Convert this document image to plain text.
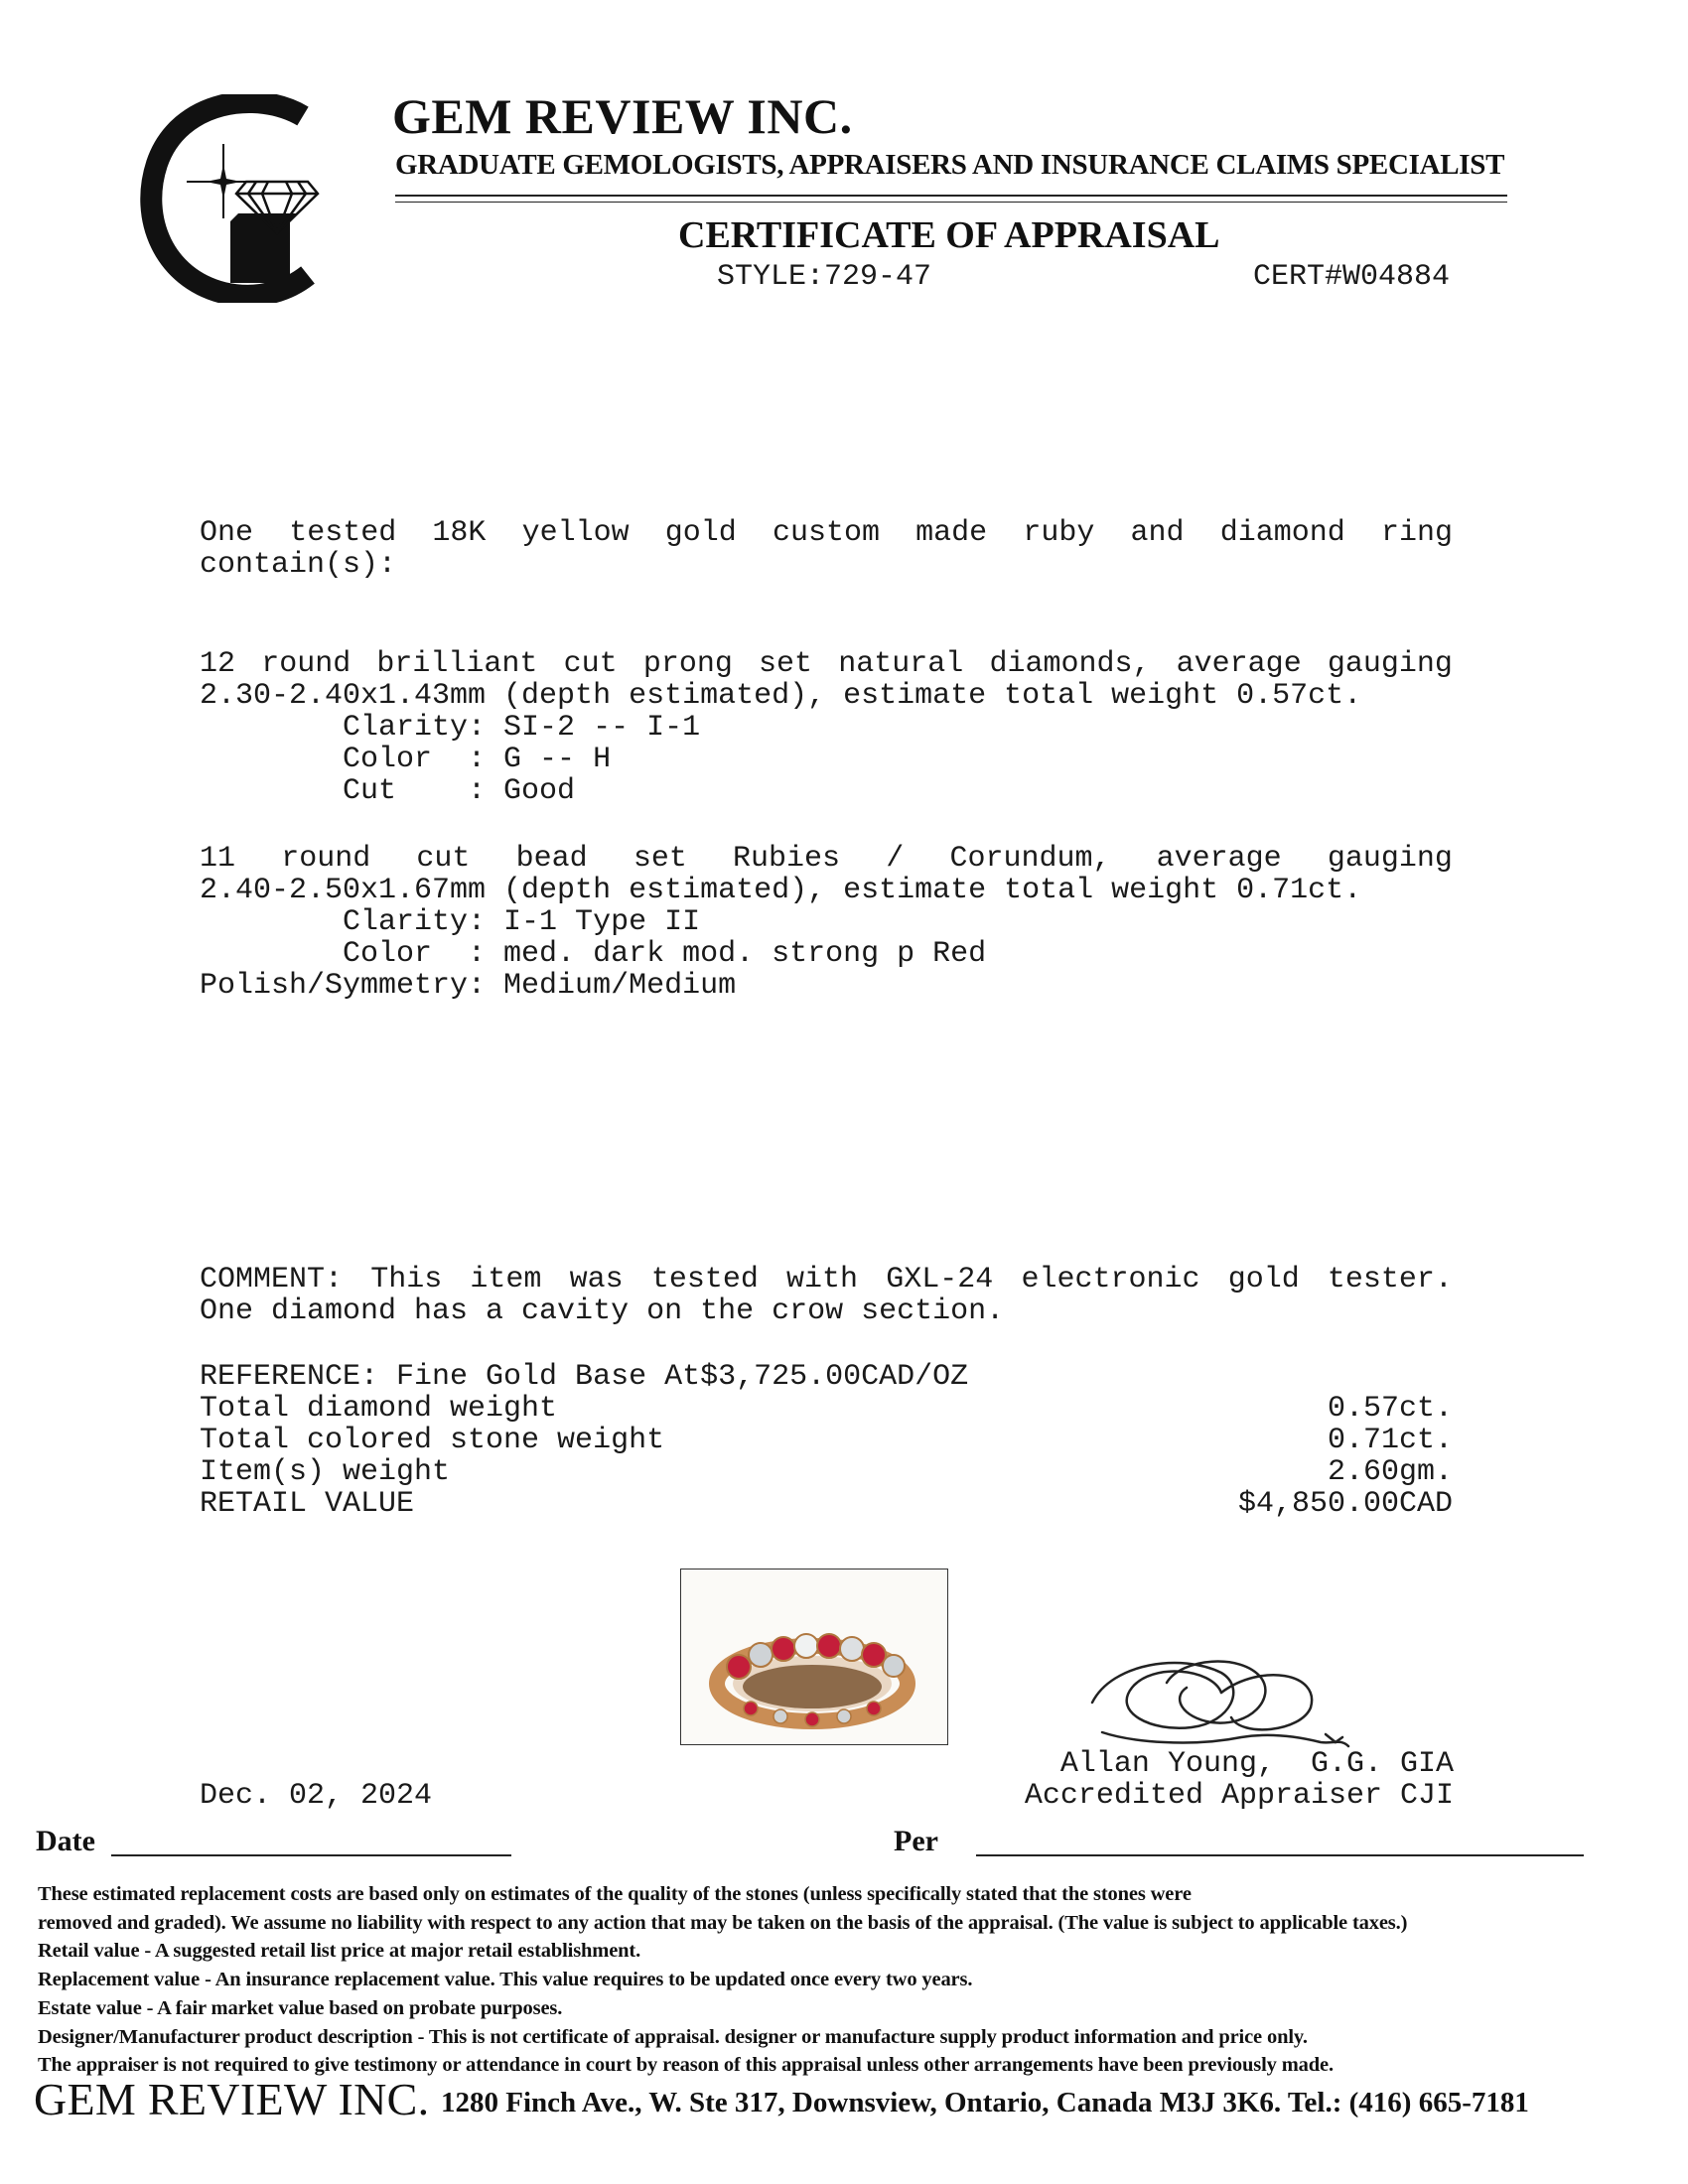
GEM REVIEW INC.
GRADUATE GEMOLOGISTS, APPRAISERS AND INSURANCE CLAIMS SPECIALIST
CERTIFICATE OF APPRAISAL
STYLE:729-47	CERT#W04884
One tested 18K yellow gold custom made ruby and diamond ring
contain(s):
12 round brilliant cut prong set natural diamonds, average gauging
2.30-2.40x1.43mm (depth estimated), estimate total weight 0.57ct.
Clarity: SI-2 -- I-1
Color  : G -- H
Cut    : Good
11 round cut bead set Rubies / Corundum, average gauging
2.40-2.50x1.67mm (depth estimated), estimate total weight 0.71ct.
Clarity: I-1 Type II
Color  : med. dark mod. strong p Red
Polish/Symmetry: Medium/Medium
COMMENT: This item was tested with GXL-24 electronic gold tester.
One diamond has a cavity on the crow section.
REFERENCE: Fine Gold Base At$3,725.00CAD/OZ
Total diamond weight	0.57ct.
Total colored stone weight	0.71ct.
Item(s) weight	2.60gm.
RETAIL VALUE	$4,850.00CAD
Dec. 02, 2024
Allan Young,  G.G. GIA
Accredited Appraiser CJI
Date	Per
These estimated replacement costs are based only on estimates of the quality of the stones (unless specifically stated that the stones were
removed and graded). We assume no liability with respect to any action that may be taken on the basis of the appraisal. (The value is subject to applicable taxes.)
Retail value - A suggested retail list price at major retail establishment.
Replacement value - An insurance replacement value. This value requires to be updated once every two years.
Estate value - A fair market value based on probate purposes.
Designer/Manufacturer product description - This is not certificate of appraisal. designer or manufacture supply product information and price only.
The appraiser is not required to give testimony or attendance in court by reason of this appraisal unless other arrangements have been previously made.
GEM REVIEW INC. 1280 Finch Ave., W. Ste 317, Downsview, Ontario, Canada M3J 3K6. Tel.: (416) 665-7181
